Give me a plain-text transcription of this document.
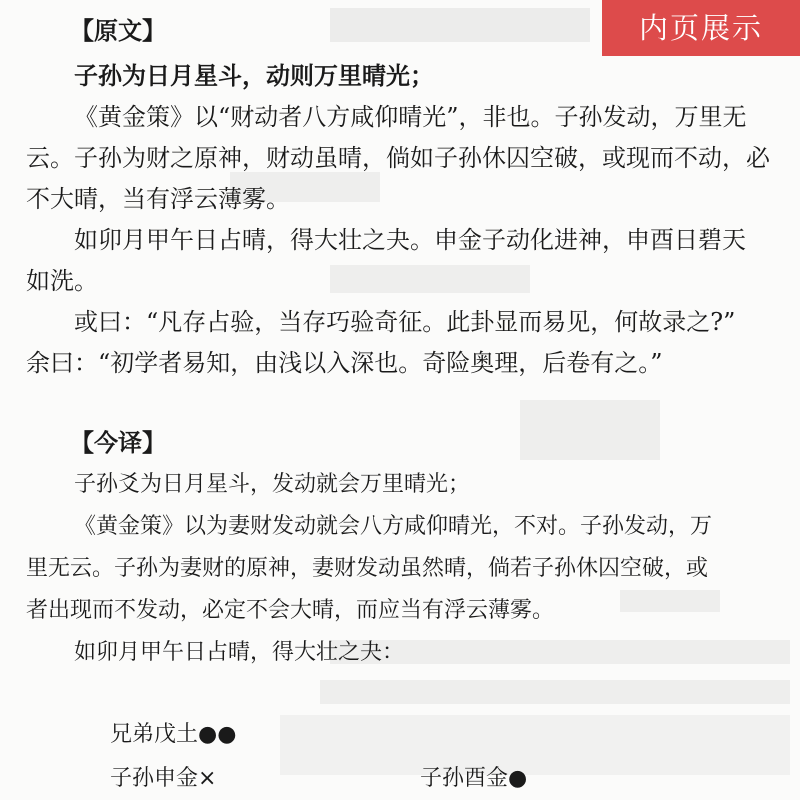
内页展示
【原文】
子孙为日月星斗，动则万里晴光；
《黄金策》以“财动者八方咸仰晴光”，非也。子孙发动，万里无
云。子孙为财之原神，财动虽晴，倘如子孙休囚空破，或现而不动，必
不大晴，当有浮云薄雾。
如卯月甲午日占晴，得大壮之夬。申金子动化进神，申酉日碧天
如洗。
或曰：“凡存占验，当存巧验奇征。此卦显而易见，何故录之?”
余曰：“初学者易知，由浅以入深也。奇险奥理，后卷有之。”
【今译】
子孙爻为日月星斗，发动就会万里晴光；
《黄金策》以为妻财发动就会八方咸仰晴光，不对。子孙发动，万
里无云。子孙为妻财的原神，妻财发动虽然晴，倘若子孙休囚空破，或
者出现而不发动，必定不会大晴，而应当有浮云薄雾。
如卯月甲午日占晴，得大壮之夬：
兄弟戊土●●
子孙申金×	子孙酉金●
